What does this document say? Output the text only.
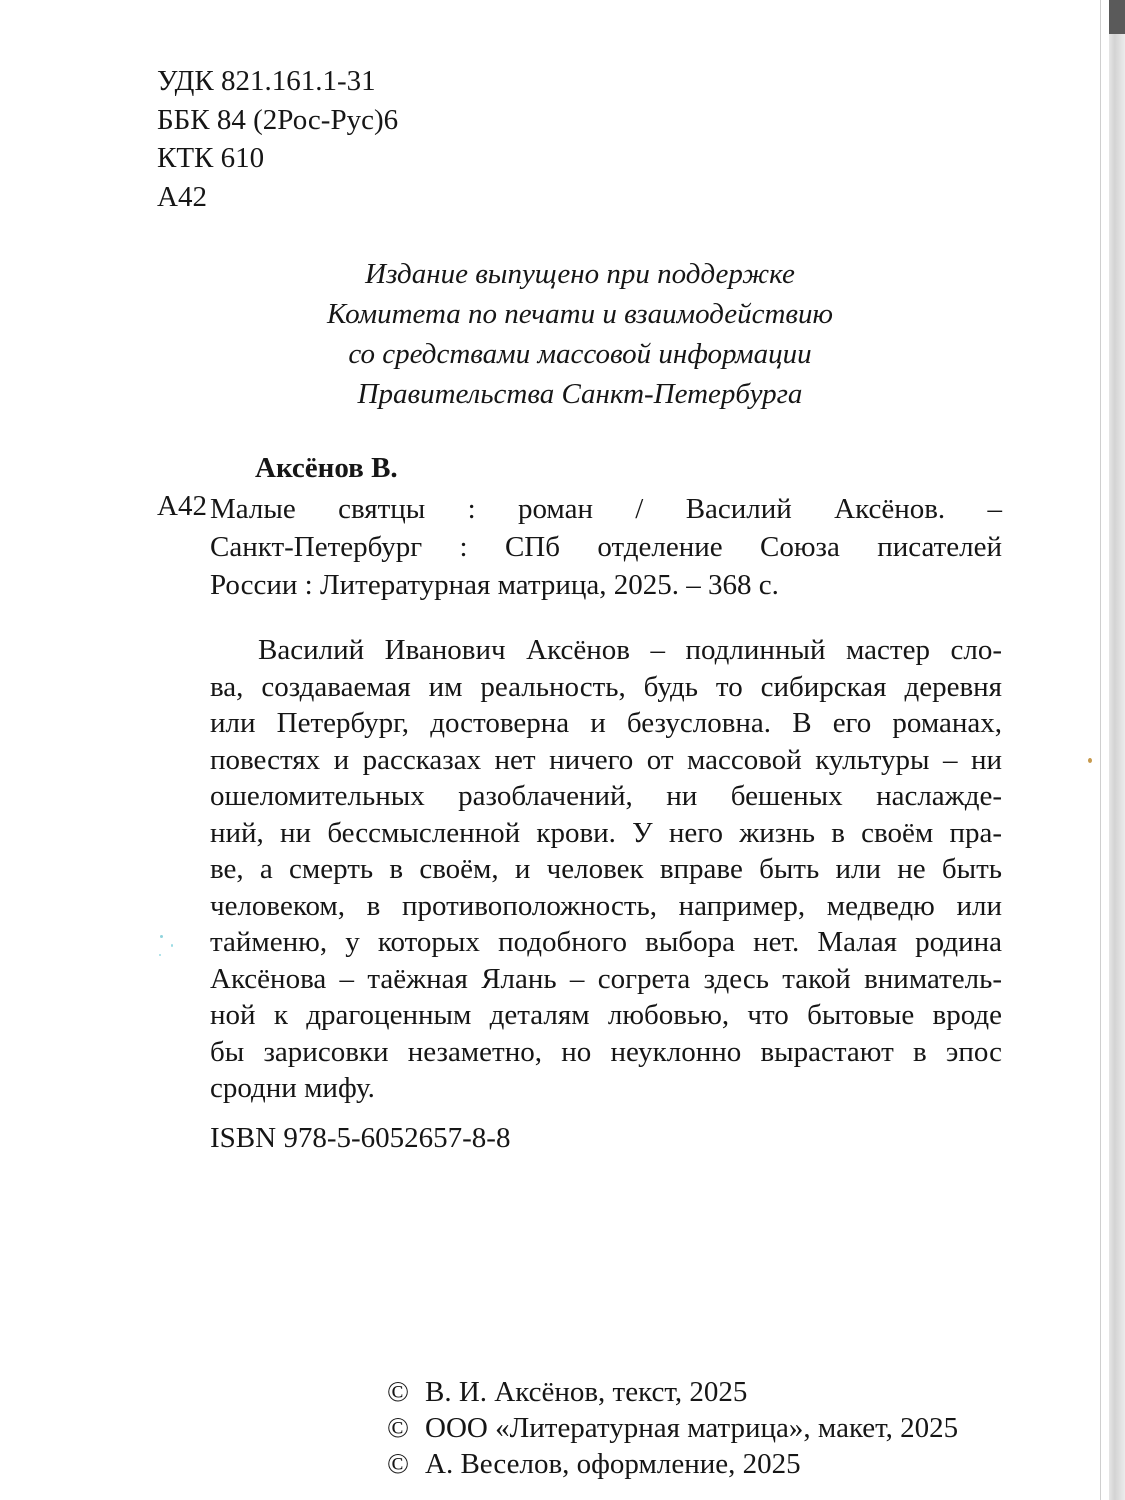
УДК 821.161.1-31
ББК 84 (2Рос-Рус)6
КТК 610
А42
Издание выпущено при поддержке
Комитета по печати и взаимодействию
со средствами массовой информации
Правительства Санкт-Петербурга
Аксёнов В.
А42 Малые святцы : роман / Василий Аксёнов. –
Санкт-Петербург : СПб отделение Союза писателей
России : Литературная матрица, 2025. – 368 с.
Василий Иванович Аксёнов – подлинный мастер сло-
ва, создаваемая им реальность, будь то сибирская деревня
или Петербург, достоверна и безусловна. В его романах,
повестях и рассказах нет ничего от массовой культуры – ни
ошеломительных разоблачений, ни бешеных наслажде-
ний, ни бессмысленной крови. У него жизнь в своём пра-
ве, а смерть в своём, и человек вправе быть или не быть
человеком, в противоположность, например, медведю или
тайменю, у которых подобного выбора нет. Малая родина
Аксёнова – таёжная Ялань – согрета здесь такой вниматель-
ной к драгоценным деталям любовью, что бытовые вроде
бы зарисовки незаметно, но неуклонно вырастают в эпос
сродни мифу.
ISBN 978-5-6052657-8-8
© В. И. Аксёнов, текст, 2025
© ООО «Литературная матрица», макет, 2025
© А. Веселов, оформление, 2025
